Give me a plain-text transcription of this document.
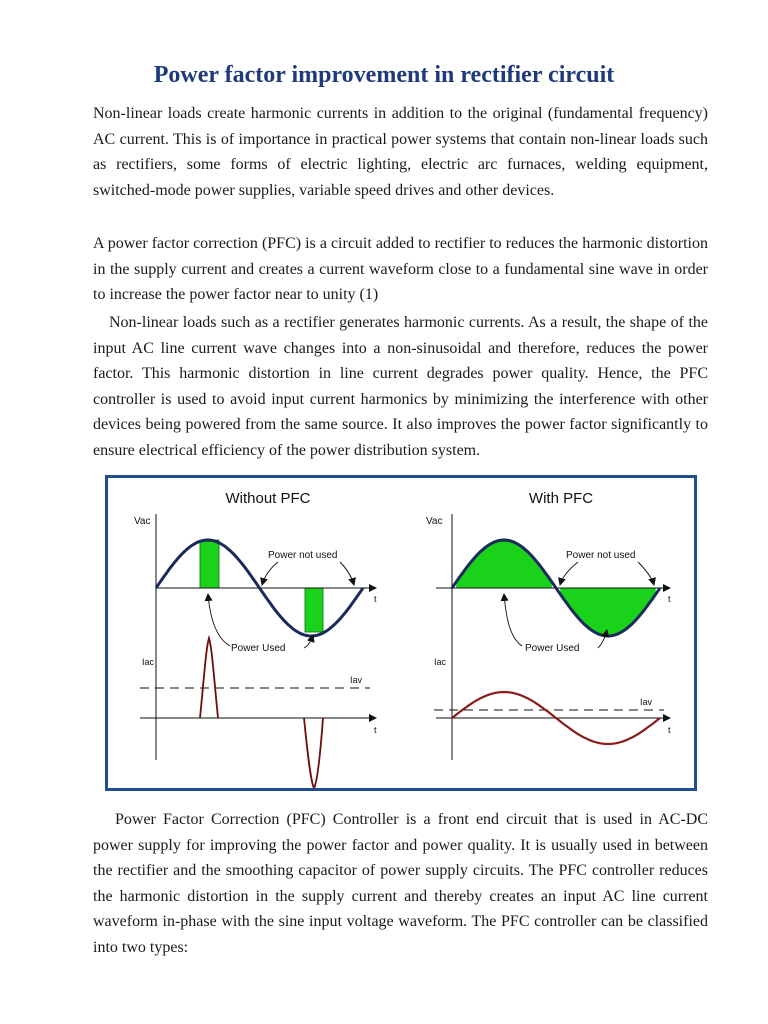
Power factor improvement in rectifier circuit

Non-linear loads create harmonic currents in addition to the original (fundamental frequency) AC current. This is of importance in practical power systems that contain non-linear loads such as rectifiers, some forms of electric lighting, electric arc furnaces, welding equipment, switched-mode power supplies, variable speed drives and other devices.

A power factor correction (PFC) is a circuit added to rectifier to reduces the harmonic distortion in the supply current and creates a current waveform close to a fundamental sine wave in order to increase the power factor near to unity (1)

Non-linear loads such as a rectifier generates harmonic currents. As a result, the shape of the input AC line current wave changes into a non-sinusoidal and therefore, reduces the power factor. This harmonic distortion in line current degrades power quality. Hence, the PFC controller is used to avoid input current harmonics by minimizing the interference with other devices being powered from the same source. It also improves the power factor significantly to ensure electrical efficiency of the power distribution system.

Without PFC
Vac
t
Power not used
Power Used
Iac
t
Iav
With PFC
Vac
t
Power not used
Power Used
Iac
t
Iav

Power Factor Correction (PFC) Controller is a front end circuit that is used in AC-DC power supply for improving the power factor and power quality. It is usually used in between the rectifier and the smoothing capacitor of power supply circuits. The PFC controller reduces the harmonic distortion in the supply current and thereby creates an input AC line current waveform in-phase with the sine input voltage waveform. The PFC controller can be classified into two types:
